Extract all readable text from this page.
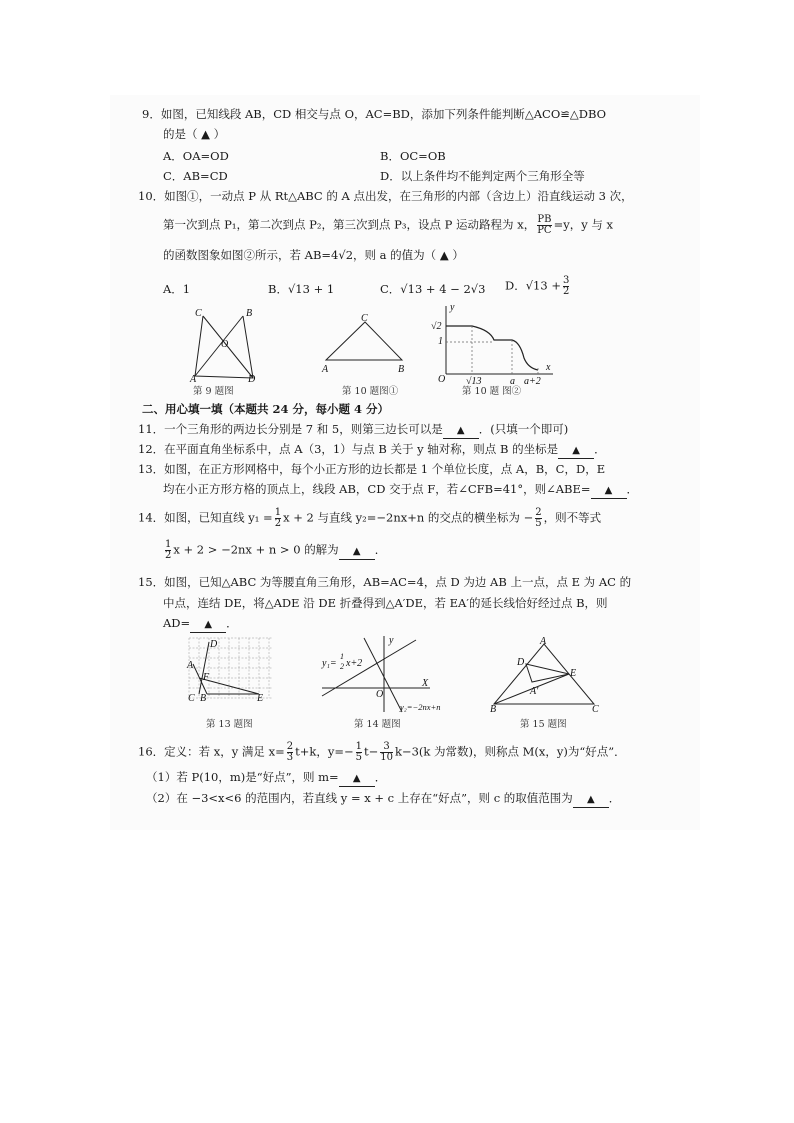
9．如图，已知线段 AB，CD 相交与点 O，AC=BD，添加下列条件能判断△ACO≌△DBO
的是（ ▲ ）
A．OA=OD	B．OC=OB
C．AB=CD	D．以上条件均不能判定两个三角形全等
10．如图①，一动点 P 从 Rt△ABC 的 A 点出发，在三角形的内部（含边上）沿直线运动 3 次，
第一次到点 P₁，第二次到点 P₂，第三次到点 P₃，设点 P 运动路程为 x， $\frac{PB}{PC} =y$，y 与 x
的函数图象如图②所示，若 AB=4√2，则 a 的值为（ ▲ ）
A．1	B．√13 + 1	C．√13 + 4 − 2√3 D．$√13 + \frac{3}{2}$
C	B
O
A	D
第 9 题图
C
A	B
第 10 题图①
y
√2
1
O √13	a a+2
x
第 10 题 图②
二、用心填一填（本题共 24 分，每小题 4 分）
11．一个三角形的两边长分别是 7 和 5，则第三边长可以是 ▲ ．(只填一个即可)
12．在平面直角坐标系中，点 A（3，1）与点 B 关于 y 轴对称，则点 B 的坐标是 ▲ ．
13．如图，在正方形网格中，每个小正方形的边长都是 1 个单位长度，点 A，B，C，D，E
均在小正方形方格的顶点上，线段 AB，CD 交于点 F，若∠CFB=41°，则∠ABE= ▲ ．
14．如图，已知直线 $y_1 = \frac{1}{2}$ x + 2 与直线 y₂=−2nx+n 的交点的横坐标为 − $\frac{2}{5}$ ，则不等式
$\frac{1}{2}$ x + 2 > −2nx + n > 0 的解为 ▲ ．
15．如图，已知△ABC 为等腰直角三角形，AB=AC=4，点 D 为边 AB 上一点，点 E 为 AC 的
中点，连结 DE，将△ADE 沿 DE 折叠得到△A′DE，若 EA′的延长线恰好经过点 B，则
AD= ▲ ．
D
A
F
C B	E
第 13 题图
y
y₁=
1
2 x+2
O
X
y₂=−2nx+n
第 14 题图
A
D
E
A′
B	C
第 15 题图
16．定义：若 x，y 满足 $x= \frac{2}{3} t+k$，$y=- \frac{1}{5} t- \frac{3}{10} k-3(k$ 为常数)，则称点 M(x，y)为“好点”．
（1）若 P(10，m)是“好点”，则 m= ▲ ．
（2）在 −3<x<6 的范围内，若直线 y = x + c 上存在“好点”，则 c 的取值范围为 ▲ ．
